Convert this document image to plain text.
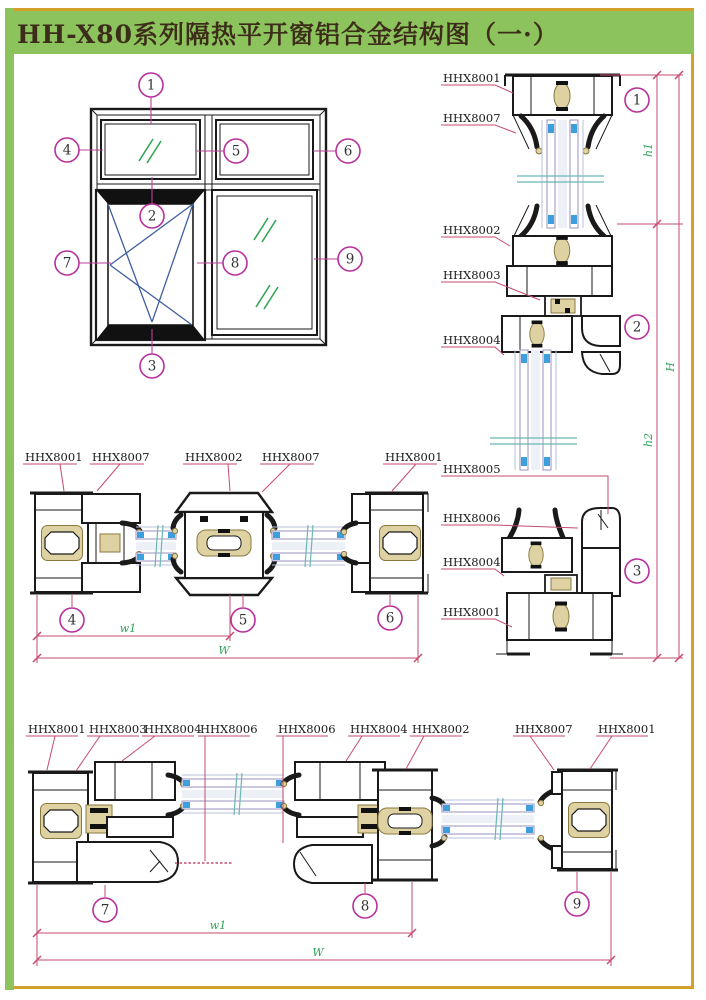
HH-X80系列隔热平开窗铝合金结构图（一·）
1
2
3
4	5	6
7	8	9
HHX8001
HHX8007
HHX8002
HHX8003
HHX8004
HHX8005
HHX8006
HHX8004
HHX8001
h1
h2
H
1
2
3
HHX8001 HHX8007	HHX8002 HHX8007	HHX8001
w1
W
4	5	6
HHX8001 HHX8003
HHX8004
HHX8006 HHX8006 HHX8004 HHX8002	HHX8007 HHX8001
w1
W
7	8	9
